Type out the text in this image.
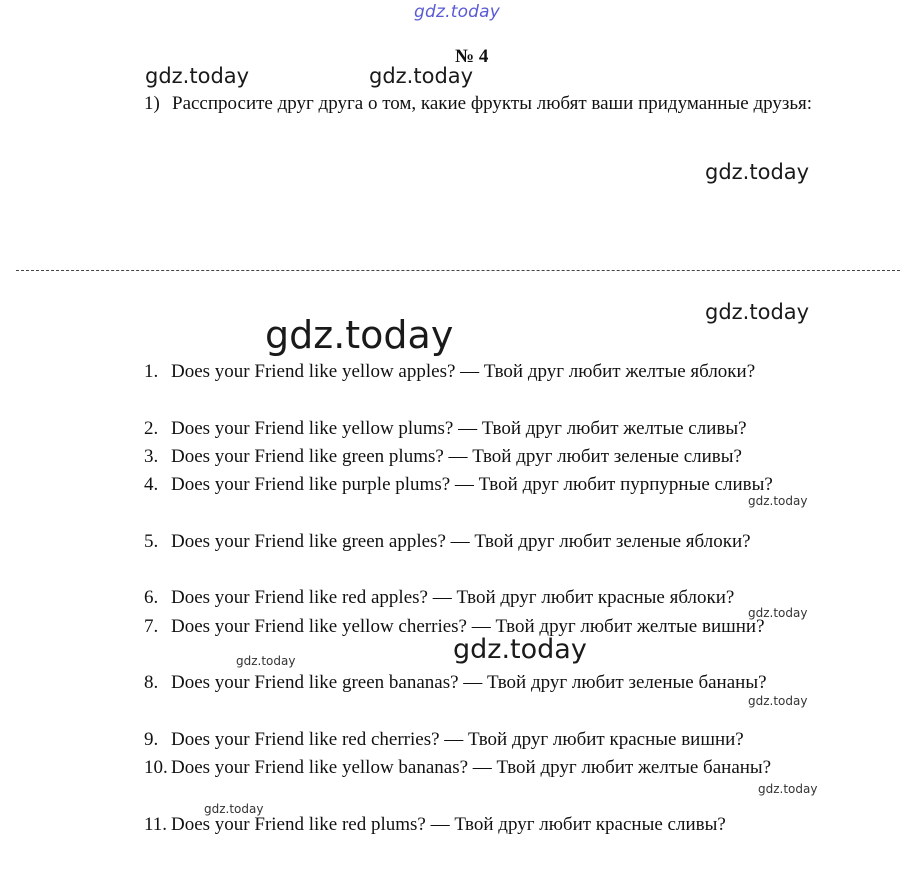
gdz.today
gdz.today	gdz.today
gdz.today
gdz.today
gdz.today
gdz.today
gdz.today
gdz.today
gdz.today
gdz.today
gdz.today
gdz.today
№ 4
1) Расспросите друг друга о том, какие фрукты любят ваши придуманные друзья:
1. Does your Friend like yellow apples? — Твой друг любит желтые яблоки?
2. Does your Friend like yellow plums? — Твой друг любит желтые сливы?
3. Does your Friend like green plums? — Твой друг любит зеленые сливы?
4. Does your Friend like purple plums? — Твой друг любит пурпурные сливы?
5. Does your Friend like green apples? — Твой друг любит зеленые яблоки?
6. Does your Friend like red apples? — Твой друг любит красные яблоки?
7. Does your Friend like yellow cherries? — Твой друг любит желтые вишни?
8. Does your Friend like green bananas? — Твой друг любит зеленые бананы?
9. Does your Friend like red cherries? — Твой друг любит красные вишни?
10. Does your Friend like yellow bananas? — Твой друг любит желтые бананы?
11. Does your Friend like red plums? — Твой друг любит красные сливы?
